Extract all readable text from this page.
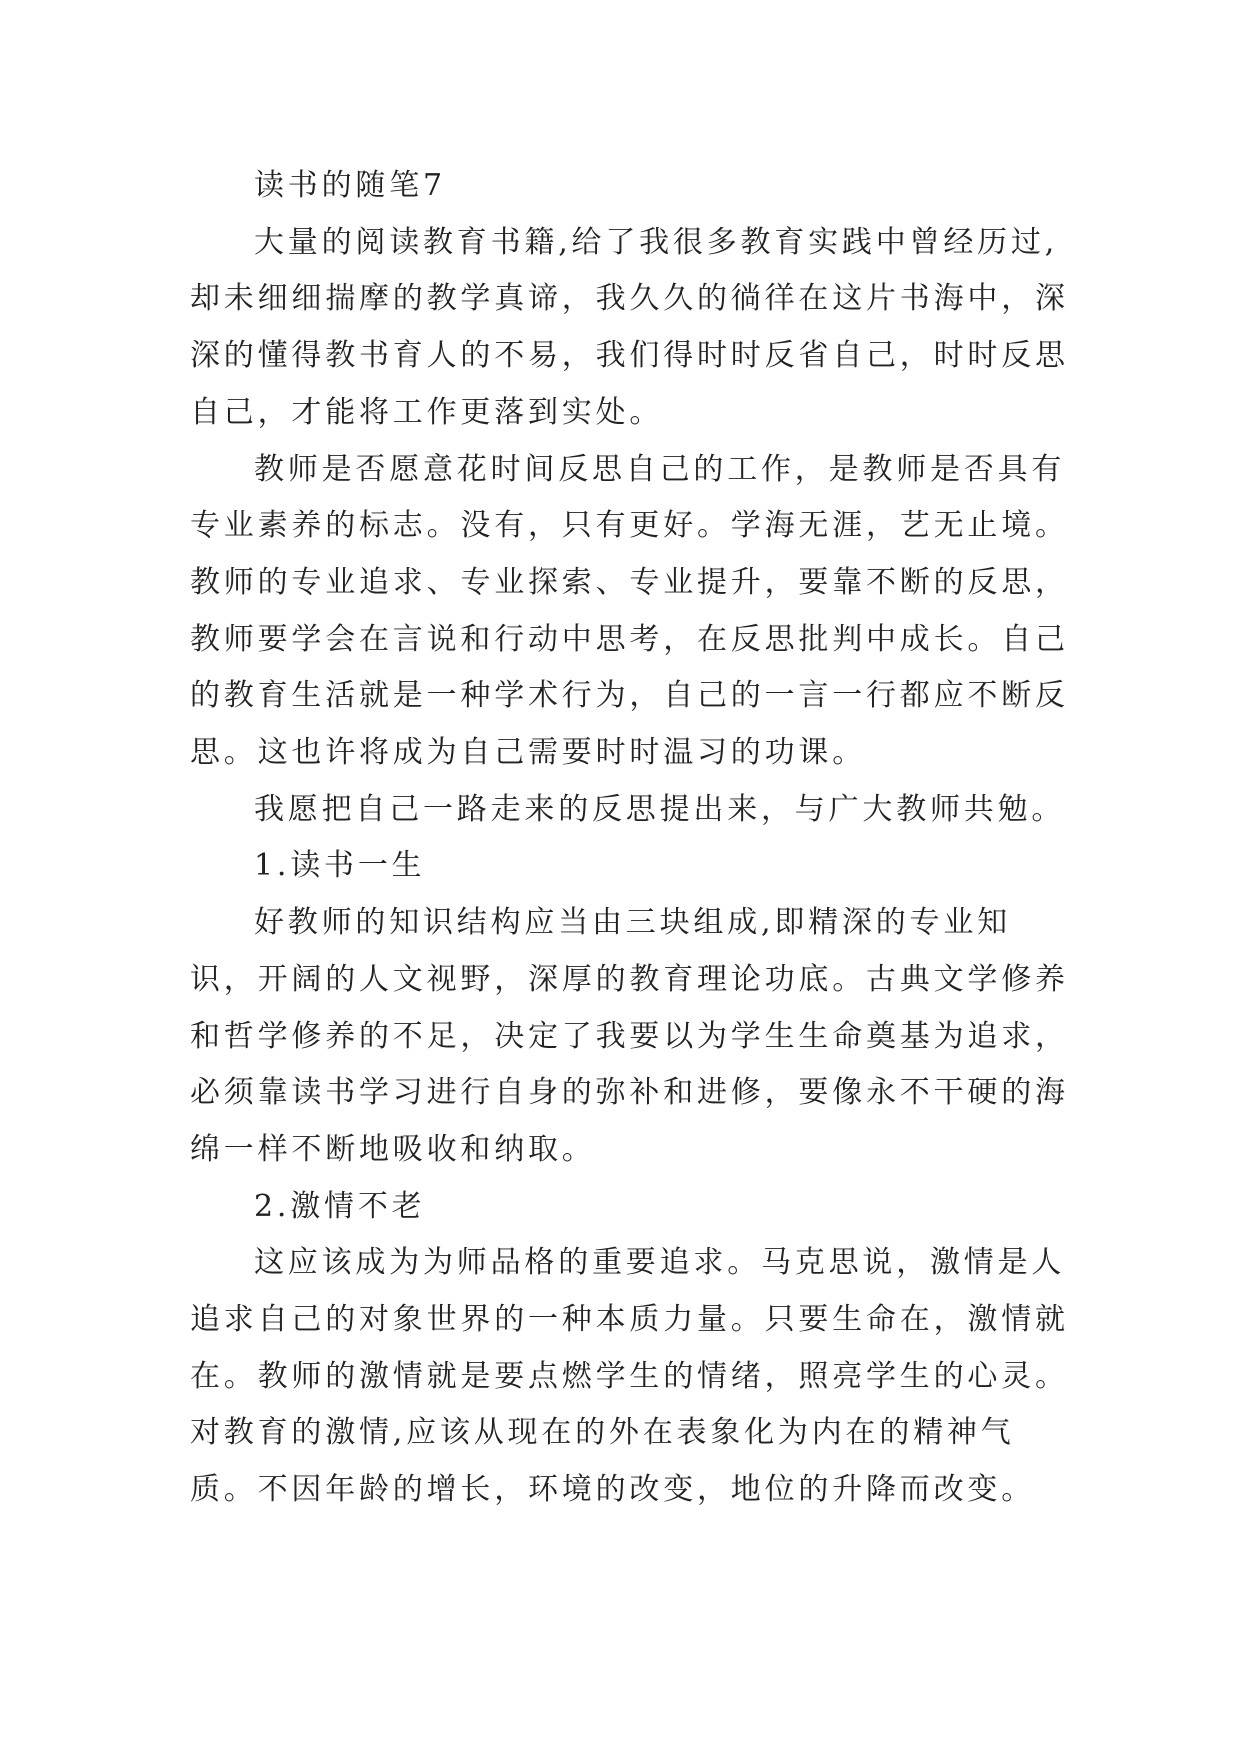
读书的随笔7

大量的阅读教育书籍,给了我很多教育实践中曾经历过,却未细细揣摩的教学真谛，我久久的徜徉在这片书海中，深深的懂得教书育人的不易，我们得时时反省自己，时时反思自己，才能将工作更落到实处。

教师是否愿意花时间反思自己的工作，是教师是否具有专业素养的标志。没有，只有更好。学海无涯，艺无止境。教师的专业追求、专业探索、专业提升，要靠不断的反思，教师要学会在言说和行动中思考，在反思批判中成长。自己的教育生活就是一种学术行为，自己的一言一行都应不断反思。这也许将成为自己需要时时温习的功课。

我愿把自己一路走来的反思提出来，与广大教师共勉。

1.读书一生

好教师的知识结构应当由三块组成,即精深的专业知识，开阔的人文视野，深厚的教育理论功底。古典文学修养和哲学修养的不足，决定了我要以为学生生命奠基为追求，必须靠读书学习进行自身的弥补和进修，要像永不干硬的海绵一样不断地吸收和纳取。

2.激情不老

这应该成为为师品格的重要追求。马克思说，激情是人追求自己的对象世界的一种本质力量。只要生命在，激情就在。教师的激情就是要点燃学生的情绪，照亮学生的心灵。对教育的激情,应该从现在的外在表象化为内在的精神气质。不因年龄的增长，环境的改变，地位的升降而改变。
